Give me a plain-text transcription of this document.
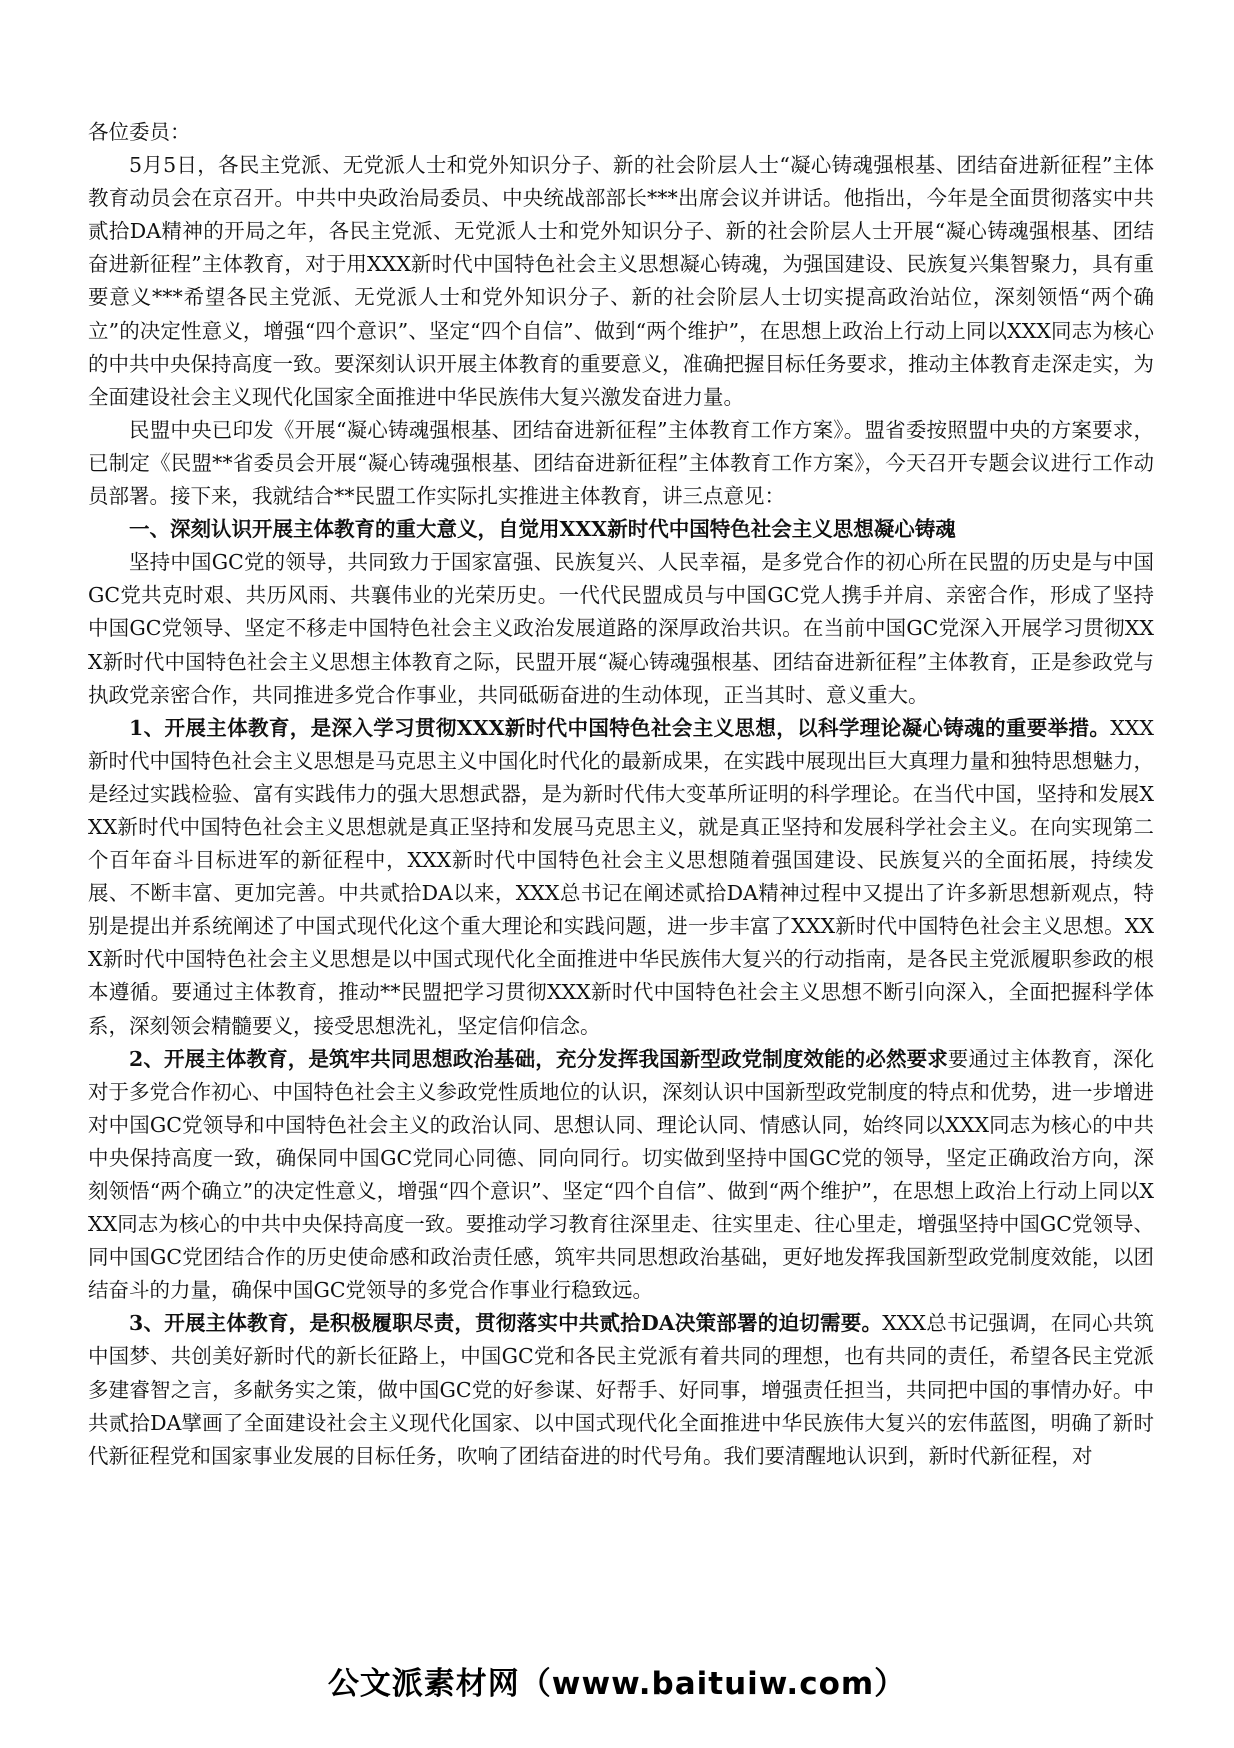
各位委员：

5月5日，各民主党派、无党派人士和党外知识分子、新的社会阶层人士“凝心铸魂强根基、团结奋进新征程”主体教育动员会在京召开。中共中央政治局委员、中央统战部部长***出席会议并讲话。他指出，今年是全面贯彻落实中共贰拾DA精神的开局之年，各民主党派、无党派人士和党外知识分子、新的社会阶层人士开展“凝心铸魂强根基、团结奋进新征程”主体教育，对于用XXX新时代中国特色社会主义思想凝心铸魂，为强国建设、民族复兴集智聚力，具有重要意义***希望各民主党派、无党派人士和党外知识分子、新的社会阶层人士切实提高政治站位，深刻领悟“两个确立”的决定性意义，增强“四个意识”、坚定“四个自信”、做到“两个维护”，在思想上政治上行动上同以XXX同志为核心的中共中央保持高度一致。要深刻认识开展主体教育的重要意义，准确把握目标任务要求，推动主体教育走深走实，为全面建设社会主义现代化国家全面推进中华民族伟大复兴激发奋进力量。

民盟中央已印发《开展“凝心铸魂强根基、团结奋进新征程”主体教育工作方案》。盟省委按照盟中央的方案要求，已制定《民盟**省委员会开展“凝心铸魂强根基、团结奋进新征程”主体教育工作方案》，今天召开专题会议进行工作动员部署。接下来，我就结合**民盟工作实际扎实推进主体教育，讲三点意见：

一、深刻认识开展主体教育的重大意义，自觉用XXX新时代中国特色社会主义思想凝心铸魂

坚持中国GC党的领导，共同致力于国家富强、民族复兴、人民幸福，是多党合作的初心所在民盟的历史是与中国GC党共克时艰、共历风雨、共襄伟业的光荣历史。一代代民盟成员与中国GC党人携手并肩、亲密合作，形成了坚持中国GC党领导、坚定不移走中国特色社会主义政治发展道路的深厚政治共识。在当前中国GC党深入开展学习贯彻XXX新时代中国特色社会主义思想主体教育之际，民盟开展“凝心铸魂强根基、团结奋进新征程”主体教育，正是参政党与执政党亲密合作，共同推进多党合作事业，共同砥砺奋进的生动体现，正当其时、意义重大。

1、开展主体教育，是深入学习贯彻XXX新时代中国特色社会主义思想，以科学理论凝心铸魂的重要举措。XXX新时代中国特色社会主义思想是马克思主义中国化时代化的最新成果，在实践中展现出巨大真理力量和独特思想魅力，是经过实践检验、富有实践伟力的强大思想武器，是为新时代伟大变革所证明的科学理论。在当代中国，坚持和发展XXX新时代中国特色社会主义思想就是真正坚持和发展马克思主义，就是真正坚持和发展科学社会主义。在向实现第二个百年奋斗目标进军的新征程中，XXX新时代中国特色社会主义思想随着强国建设、民族复兴的全面拓展，持续发展、不断丰富、更加完善。中共贰拾DA以来，XXX总书记在阐述贰拾DA精神过程中又提出了许多新思想新观点，特别是提出并系统阐述了中国式现代化这个重大理论和实践问题，进一步丰富了XXX新时代中国特色社会主义思想。XXX新时代中国特色社会主义思想是以中国式现代化全面推进中华民族伟大复兴的行动指南，是各民主党派履职参政的根本遵循。要通过主体教育，推动**民盟把学习贯彻XXX新时代中国特色社会主义思想不断引向深入，全面把握科学体系，深刻领会精髓要义，接受思想洗礼，坚定信仰信念。

2、开展主体教育，是筑牢共同思想政治基础，充分发挥我国新型政党制度效能的必然要求要通过主体教育，深化对于多党合作初心、中国特色社会主义参政党性质地位的认识，深刻认识中国新型政党制度的特点和优势，进一步增进对中国GC党领导和中国特色社会主义的政治认同、思想认同、理论认同、情感认同，始终同以XXX同志为核心的中共中央保持高度一致，确保同中国GC党同心同德、同向同行。切实做到坚持中国GC党的领导，坚定正确政治方向，深刻领悟“两个确立”的决定性意义，增强“四个意识”、坚定“四个自信”、做到“两个维护”，在思想上政治上行动上同以XXX同志为核心的中共中央保持高度一致。要推动学习教育往深里走、往实里走、往心里走，增强坚持中国GC党领导、同中国GC党团结合作的历史使命感和政治责任感，筑牢共同思想政治基础，更好地发挥我国新型政党制度效能，以团结奋斗的力量，确保中国GC党领导的多党合作事业行稳致远。

3、开展主体教育，是积极履职尽责，贯彻落实中共贰拾DA决策部署的迫切需要。XXX总书记强调，在同心共筑中国梦、共创美好新时代的新长征路上，中国GC党和各民主党派有着共同的理想，也有共同的责任，希望各民主党派多建睿智之言，多献务实之策，做中国GC党的好参谋、好帮手、好同事，增强责任担当，共同把中国的事情办好。中共贰拾DA擘画了全面建设社会主义现代化国家、以中国式现代化全面推进中华民族伟大复兴的宏伟蓝图，明确了新时代新征程党和国家事业发展的目标任务，吹响了团结奋进的时代号角。我们要清醒地认识到，新时代新征程，对

公文派素材网（www.baituiw.com）
